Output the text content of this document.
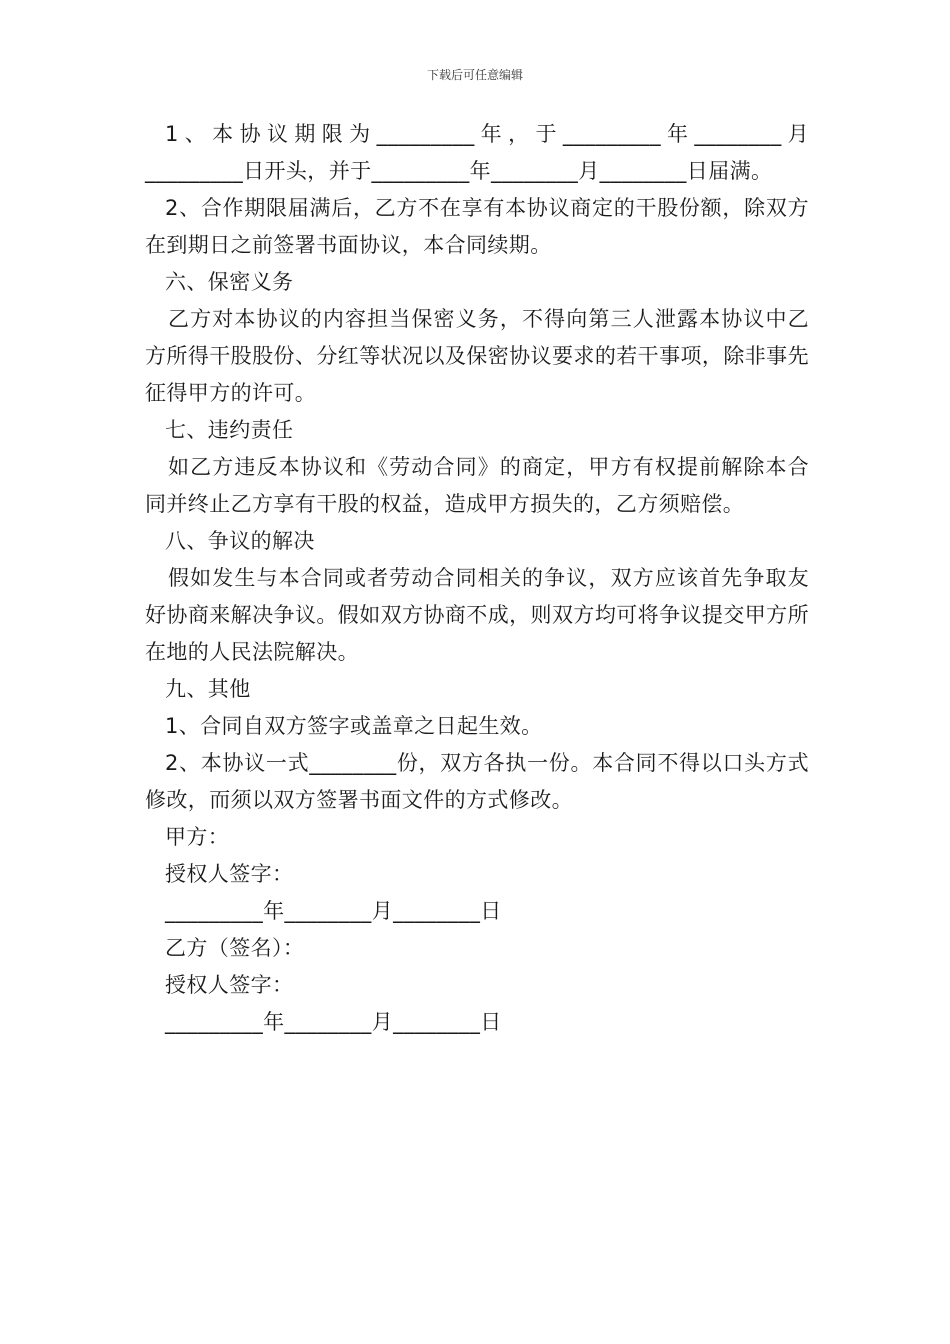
下载后可任意编辑

1、本协议期限为_________年，于_________年________月_________日开头，并于_________年________月________日届满。

2、合作期限届满后，乙方不在享有本协议商定的干股份额，除双方在到期日之前签署书面协议，本合同续期。

六、保密义务

乙方对本协议的内容担当保密义务，不得向第三人泄露本协议中乙方所得干股股份、分红等状况以及保密协议要求的若干事项，除非事先征得甲方的许可。

七、违约责任

如乙方违反本协议和《劳动合同》的商定，甲方有权提前解除本合同并终止乙方享有干股的权益，造成甲方损失的，乙方须赔偿。

八、争议的解决

假如发生与本合同或者劳动合同相关的争议，双方应该首先争取友好协商来解决争议。假如双方协商不成，则双方均可将争议提交甲方所在地的人民法院解决。

九、其他

1、合同自双方签字或盖章之日起生效。

2、本协议一式________份，双方各执一份。本合同不得以口头方式修改，而须以双方签署书面文件的方式修改。

甲方：

授权人签字：

_________年________月________日

乙方（签名）：

授权人签字：

_________年________月________日
